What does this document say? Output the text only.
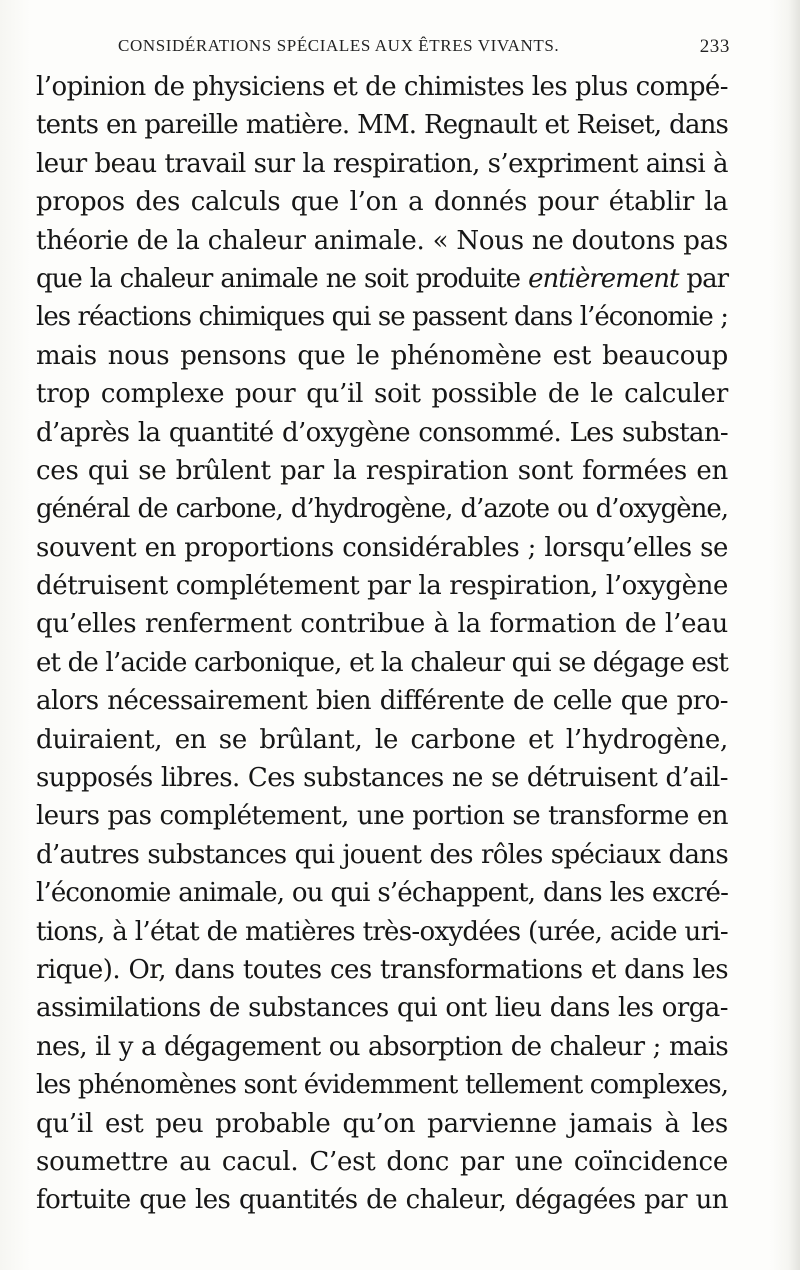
CONSIDÉRATIONS SPÉCIALES AUX ÊTRES VIVANTS.	233
l’opinion de physiciens et de chimistes les plus compé-
tents en pareille matière. MM. Regnault et Reiset, dans
leur beau travail sur la respiration, s’expriment ainsi à
propos des calculs que l’on a donnés pour établir la
théorie de la chaleur animale. « Nous ne doutons pas
que la chaleur animale ne soit produite entièrement par
les réactions chimiques qui se passent dans l’économie ;
mais nous pensons que le phénomène est beaucoup
trop complexe pour qu’il soit possible de le calculer
d’après la quantité d’oxygène consommé. Les substan-
ces qui se brûlent par la respiration sont formées en
général de carbone, d’hydrogène, d’azote ou d’oxygène,
souvent en proportions considérables ; lorsqu’elles se
détruisent complétement par la respiration, l’oxygène
qu’elles renferment contribue à la formation de l’eau
et de l’acide carbonique, et la chaleur qui se dégage est
alors nécessairement bien différente de celle que pro-
duiraient, en se brûlant, le carbone et l’hydrogène,
supposés libres. Ces substances ne se détruisent d’ail-
leurs pas complétement, une portion se transforme en
d’autres substances qui jouent des rôles spéciaux dans
l’économie animale, ou qui s’échappent, dans les excré-
tions, à l’état de matières très-oxydées (urée, acide uri-
rique). Or, dans toutes ces transformations et dans les
assimilations de substances qui ont lieu dans les orga-
nes, il y a dégagement ou absorption de chaleur ; mais
les phénomènes sont évidemment tellement complexes,
qu’il est peu probable qu’on parvienne jamais à les
soumettre au cacul. C’est donc par une coïncidence
fortuite que les quantités de chaleur, dégagées par un
